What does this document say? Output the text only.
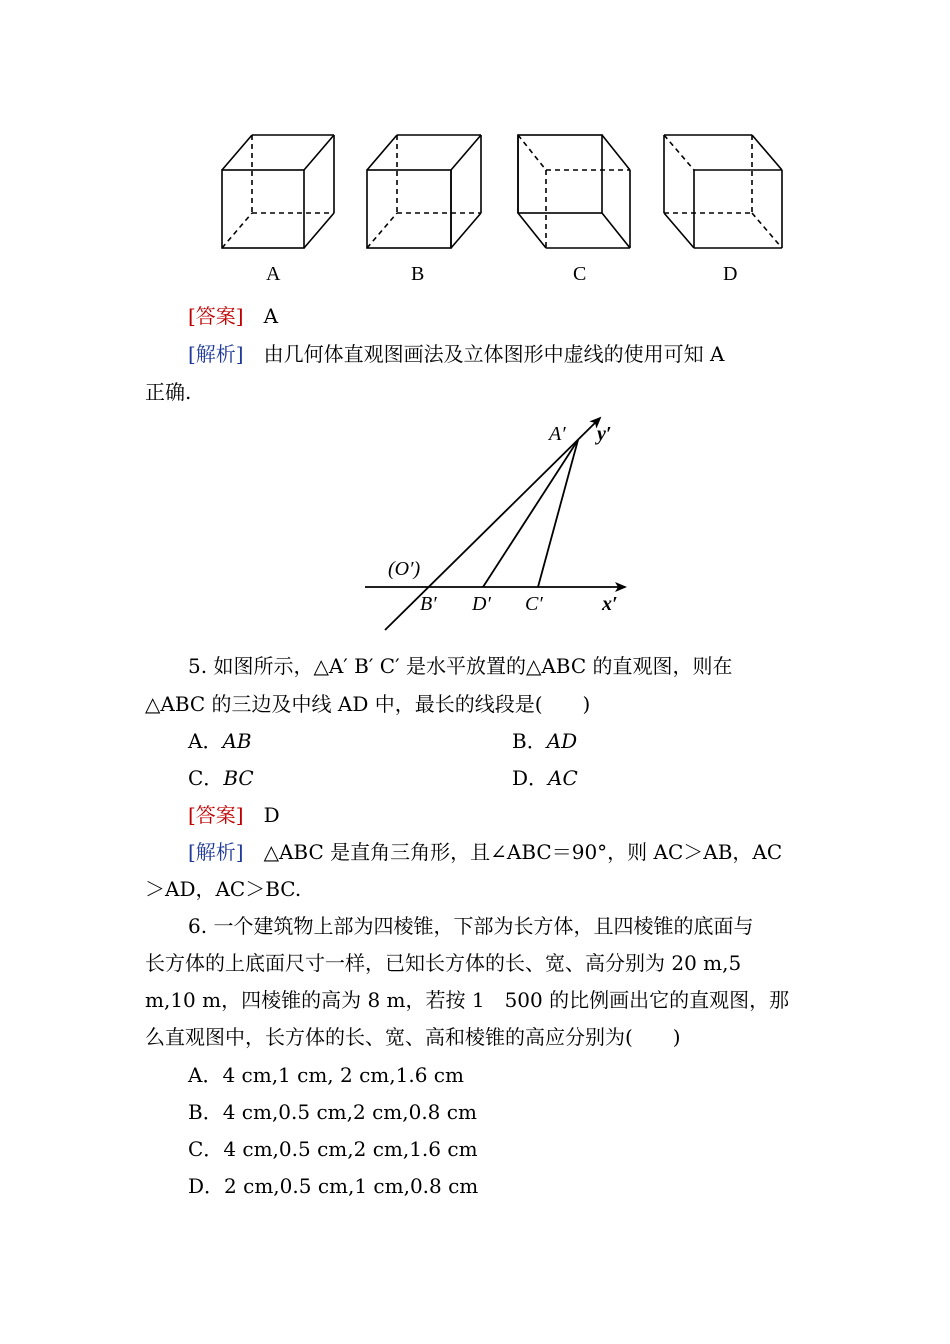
A	B	C	D
[答案]　 A
[解析]　 由几何体直观图画法及立体图形中虚线的使用可知 A
正确.
A′ y′
(O′)
B′ D′ C′	x′
5. 如图所示，△A′ B′ C′ 是水平放置的△ABC 的直观图，则在
△ABC 的三边及中线 AD 中，最长的线段是(　　)
A．AB	B．AD
C．BC	D．AC
[答案]　 D
[解析]　 △ABC 是直角三角形，且∠ABC＝90°，则 AC＞AB，AC
＞AD，AC＞BC.
6. 一个建筑物上部为四棱锥，下部为长方体，且四棱锥的底面与
长方体的上底面尺寸一样，已知长方体的长、宽、高分别为 20 m,5
m,10 m，四棱锥的高为 8 m，若按 1　500 的比例画出它的直观图，那
么直观图中，长方体的长、宽、高和棱锥的高应分别为(　　)
A．4 cm,1 cm, 2 cm,1.6 cm
B．4 cm,0.5 cm,2 cm,0.8 cm
C．4 cm,0.5 cm,2 cm,1.6 cm
D．2 cm,0.5 cm,1 cm,0.8 cm
